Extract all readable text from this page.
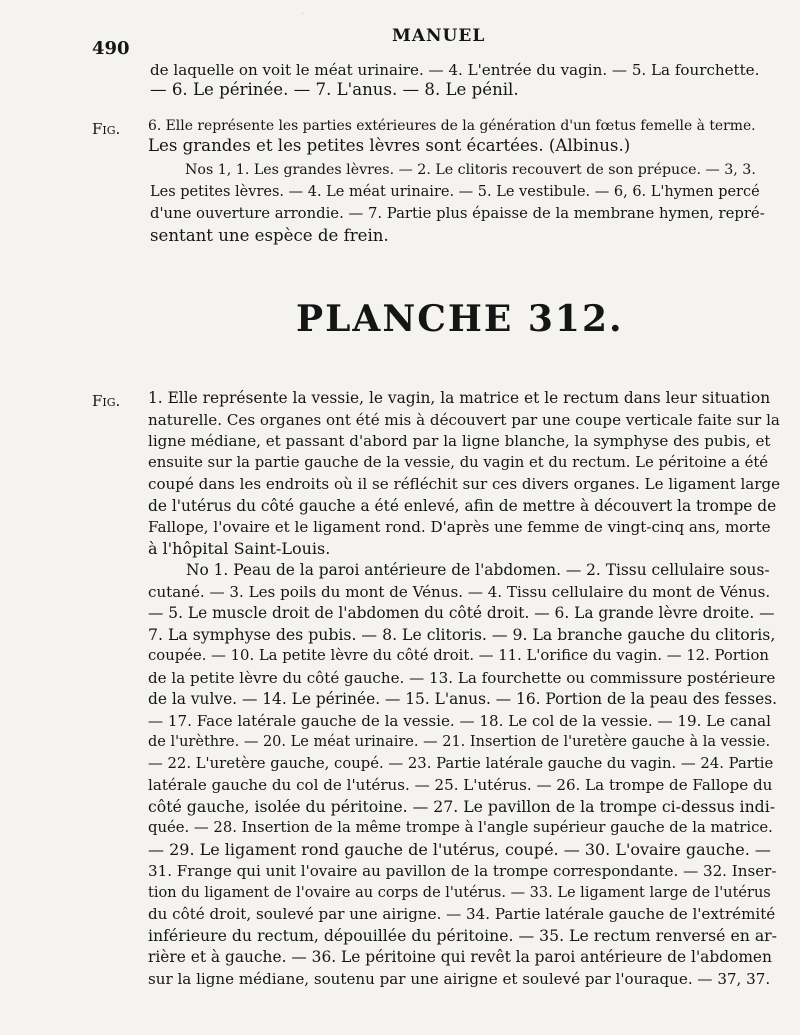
·
490
MANUEL
de laquelle on voit le méat urinaire. — 4. L'entrée du vagin. — 5. La fourchette.
— 6. Le périnée. — 7. L'anus. — 8. Le pénil.
Fig. 6. Elle représente les parties extérieures de la génération d'un fœtus femelle à terme.
Les grandes et les petites lèvres sont écartées. (Albinus.)
Nos 1, 1. Les grandes lèvres. — 2. Le clitoris recouvert de son prépuce. — 3, 3.
Les petites lèvres. — 4. Le méat urinaire. — 5. Le vestibule. — 6, 6. L'hymen percé
d'une ouverture arrondie. — 7. Partie plus épaisse de la membrane hymen, repré-
sentant une espèce de frein.
PLANCHE 312.
Fig. 1. Elle représente la vessie, le vagin, la matrice et le rectum dans leur situation
naturelle. Ces organes ont été mis à découvert par une coupe verticale faite sur la
ligne médiane, et passant d'abord par la ligne blanche, la symphyse des pubis, et
ensuite sur la partie gauche de la vessie, du vagin et du rectum. Le péritoine a été
coupé dans les endroits où il se réfléchit sur ces divers organes. Le ligament large
de l'utérus du côté gauche a été enlevé, afin de mettre à découvert la trompe de
Fallope, l'ovaire et le ligament rond. D'après une femme de vingt-cinq ans, morte
à l'hôpital Saint-Louis.
No 1. Peau de la paroi antérieure de l'abdomen. — 2. Tissu cellulaire sous-
cutané. — 3. Les poils du mont de Vénus. — 4. Tissu cellulaire du mont de Vénus.
— 5. Le muscle droit de l'abdomen du côté droit. — 6. La grande lèvre droite. —
7. La symphyse des pubis. — 8. Le clitoris. — 9. La branche gauche du clitoris,
coupée. — 10. La petite lèvre du côté droit. — 11. L'orifice du vagin. — 12. Portion
de la petite lèvre du côté gauche. — 13. La fourchette ou commissure postérieure
de la vulve. — 14. Le périnée. — 15. L'anus. — 16. Portion de la peau des fesses.
— 17. Face latérale gauche de la vessie. — 18. Le col de la vessie. — 19. Le canal
de l'urèthre. — 20. Le méat urinaire. — 21. Insertion de l'uretère gauche à la vessie.
— 22. L'uretère gauche, coupé. — 23. Partie latérale gauche du vagin. — 24. Partie
latérale gauche du col de l'utérus. — 25. L'utérus. — 26. La trompe de Fallope du
côté gauche, isolée du péritoine. — 27. Le pavillon de la trompe ci-dessus indi-
quée. — 28. Insertion de la même trompe à l'angle supérieur gauche de la matrice.
— 29. Le ligament rond gauche de l'utérus, coupé. — 30. L'ovaire gauche. —
31. Frange qui unit l'ovaire au pavillon de la trompe correspondante. — 32. Inser-
tion du ligament de l'ovaire au corps de l'utérus. — 33. Le ligament large de l'utérus
du côté droit, soulevé par une airigne. — 34. Partie latérale gauche de l'extrémité
inférieure du rectum, dépouillée du péritoine. — 35. Le rectum renversé en ar-
rière et à gauche. — 36. Le péritoine qui revêt la paroi antérieure de l'abdomen
sur la ligne médiane, soutenu par une airigne et soulevé par l'ouraque. — 37, 37.
